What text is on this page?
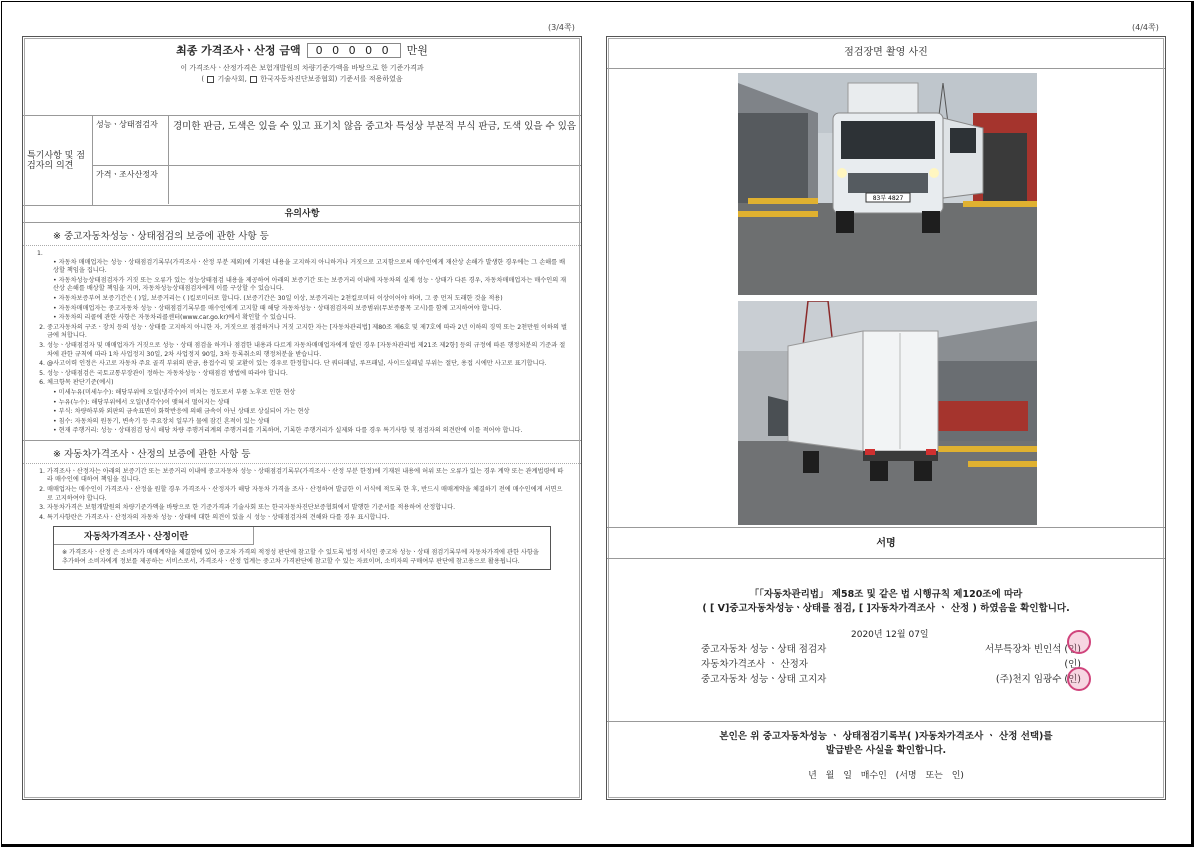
(3/4쪽)	(4/4쪽)
최종 가격조사ㆍ산정 금액	0 0 0 0 0	만원
이 가격조사ㆍ산정가격은 보험개발원의 차량기준가액을 바탕으로 한 기준가격과
( 기술사회, 한국자동차진단보증협회) 기준서를 적용하였음
특기사항 및 점검자의 의견
성능ㆍ상태점검자	경미한 판금, 도색은 있을 수 있고 표기치 않음 중고차 특성상 부분적 부식 판금, 도색 있을 수 있음
가격ㆍ조사산정자
유의사항
※ 중고자동차성능ㆍ상태점검의 보증에 관한 사항 등
1.
• 자동차 매매업자는 성능ㆍ상태점검기록부(가격조사ㆍ산정 부분 제외)에 기재된 내용을 고지하지 아니하거나 거짓으로 고지함으로써 매수인에게 재산상 손해가 발생한 경우에는 그 손해를 배상할 책임을 집니다.
• 자동차성능상태점검자가 거짓 또는 오류가 있는 성능상태점검 내용을 제공하여 아래의 보증기간 또는 보증거리 이내에 자동차의 실제 성능ㆍ상태가 다른 경우, 자동차매매업자는 매수인의 재산상 손해를 배상할 책임을 지며, 자동차성능상태점검자에게 이를 구상할 수 있습니다.
• 자동차보증부여 보증기간은 ( )일, 보증거리는 ( )킬로미터로 합니다. (보증기간은 30일 이상, 보증거리는 2천킬로미터 이상이어야 하며, 그 중 먼저 도래한 것을 적용)
• 자동차매매업자는 중고자동차 성능ㆍ상태점검기록부를 매수인에게 고지할 때 해당 자동차성능ㆍ상태점검자의 보증범위(무보증품목 고시)를 함께 고지하여야 합니다.
• 자동차의 리콜에 관한 사항은 자동차리콜센터(www.car.go.kr)에서 확인할 수 있습니다.
2. 중고자동차의 구조ㆍ장치 등의 성능ㆍ상태를 고지하지 아니한 자, 거짓으로 점검하거나 거짓 고지한 자는 [자동차관리법] 제80조 제6호 및 제7호에 따라 2년 이하의 징역 또는 2천만원 이하의 벌금에 처합니다.
3. 성능ㆍ상태점검자 및 매매업자가 거짓으로 성능ㆍ상태 점검을 하거나 점검한 내용과 다르게 자동차매매업자에게 알린 경우 [자동차관리법 제21조 제2항] 등의 규정에 따른 행정처분의 기준과 절차에 관한 규칙에 따라 1차 사업정지 30일, 2차 사업정지 90일, 3차 등록취소의 행정처분을 받습니다.
4. @사고이력 인정은 사고로 자동차 주요 골격 부위의 판금, 용접수리 및 교환이 있는 경우로 한정합니다. 단 쿼터패널, 루프패널, 사이드실패널 부위는 절단, 용접 시에만 사고로 표기합니다.
5. 성능ㆍ상태점검은 국토교통부장관이 정하는 자동차성능ㆍ상태점검 방법에 따라야 합니다.
6. 체크항목 판단기준(예시)
• 미세누유(미세누수): 해당부위에 오일(냉각수)이 비치는 정도로서 부품 노후로 인한 현상
• 누유(누수): 해당부위에서 오일(냉각수)이 맺혀서 떨어지는 상태
• 부식: 차량하부와 외판의 금속표면이 화학반응에 의해 금속이 아닌 상태로 상실되어 가는 현상
• 침수: 자동차의 원동기, 변속기 등 주요장치 일부가 물에 잠긴 흔적이 있는 상태
• 현재 주행거리: 성능ㆍ상태점검 당시 해당 차량 주행거리계의 주행거리를 기록하며, 기록한 주행거리가 실제와 다를 경우 특기사항 및 점검자의 의견란에 이를 적어야 합니다.
※ 자동차가격조사ㆍ산정의 보증에 관한 사항 등
1. 가격조사ㆍ산정자는 아래의 보증기간 또는 보증거리 이내에 중고자동차 성능ㆍ상태점검기록부(가격조사ㆍ산정 부분 한정)에 기재된 내용에 허위 또는 오류가 있는 경우 계약 또는 관계법령에 따라 매수인에 대하여 책임을 집니다.
2. 매매업자는 매수인이 가격조사ㆍ산정을 원할 경우 가격조사ㆍ산정자가 해당 자동차 가격을 조사ㆍ산정하여 발급한 이 서식에 적도록 한 후, 반드시 매매계약을 체결하기 전에 매수인에게 서면으로 고지하여야 합니다.
3. 자동차가격은 보험개발원의 차량기준가액을 바탕으로 한 기준가격과 기술사회 또는 한국자동차진단보증협회에서 발행한 기준서를 적용하여 산정합니다.
4. 특기사항란은 가격조사ㆍ산정자의 자동차 성능ㆍ상태에 대한 의견이 있을 시 성능ㆍ상태점검자의 견해와 다를 경우 표시합니다.
자동차가격조사ㆍ산정이란
※ 가격조사ㆍ산정 은 소비자가 매매계약을 체결함에 있어 중고차 가격의 적정성 판단에 참고할 수 있도록 법정 서식인 중고차 성능ㆍ상태 점검기록부에 자동차가격에 관한 사항을 추가하여 소비자에게 정보를 제공하는 서비스로서, 가격조사ㆍ산정 업계는 중고차 가격판단에 참고할 수 있는 자료이며, 소비자의 구매여부 판단에 참고용으로 활용됩니다.
점검장면 촬영 사진
83부 4827
서명
「「자동차관리법」 제58조 및 같은 법 시행규칙 제120조에 따라
( [ V]중고자동차성능ㆍ상태를 점검, [ ]자동차가격조사 ㆍ 산정 ) 하였음을 확인합니다.
2020년 12월 07일
중고자동차 성능ㆍ상태 점검자	서부특장차 빈인석 (인)
자동차가격조사 ㆍ 산정자	(인)
중고자동차 성능ㆍ상태 고지자	(주)천지 임광수 (인)
본인은 위 중고자동차성능 ㆍ 상태점검기록부( )자동차가격조사 ㆍ 산정 선택)를
발급받은 사실을 확인합니다.
년 월 일 매수인 (서명 또는 인)
